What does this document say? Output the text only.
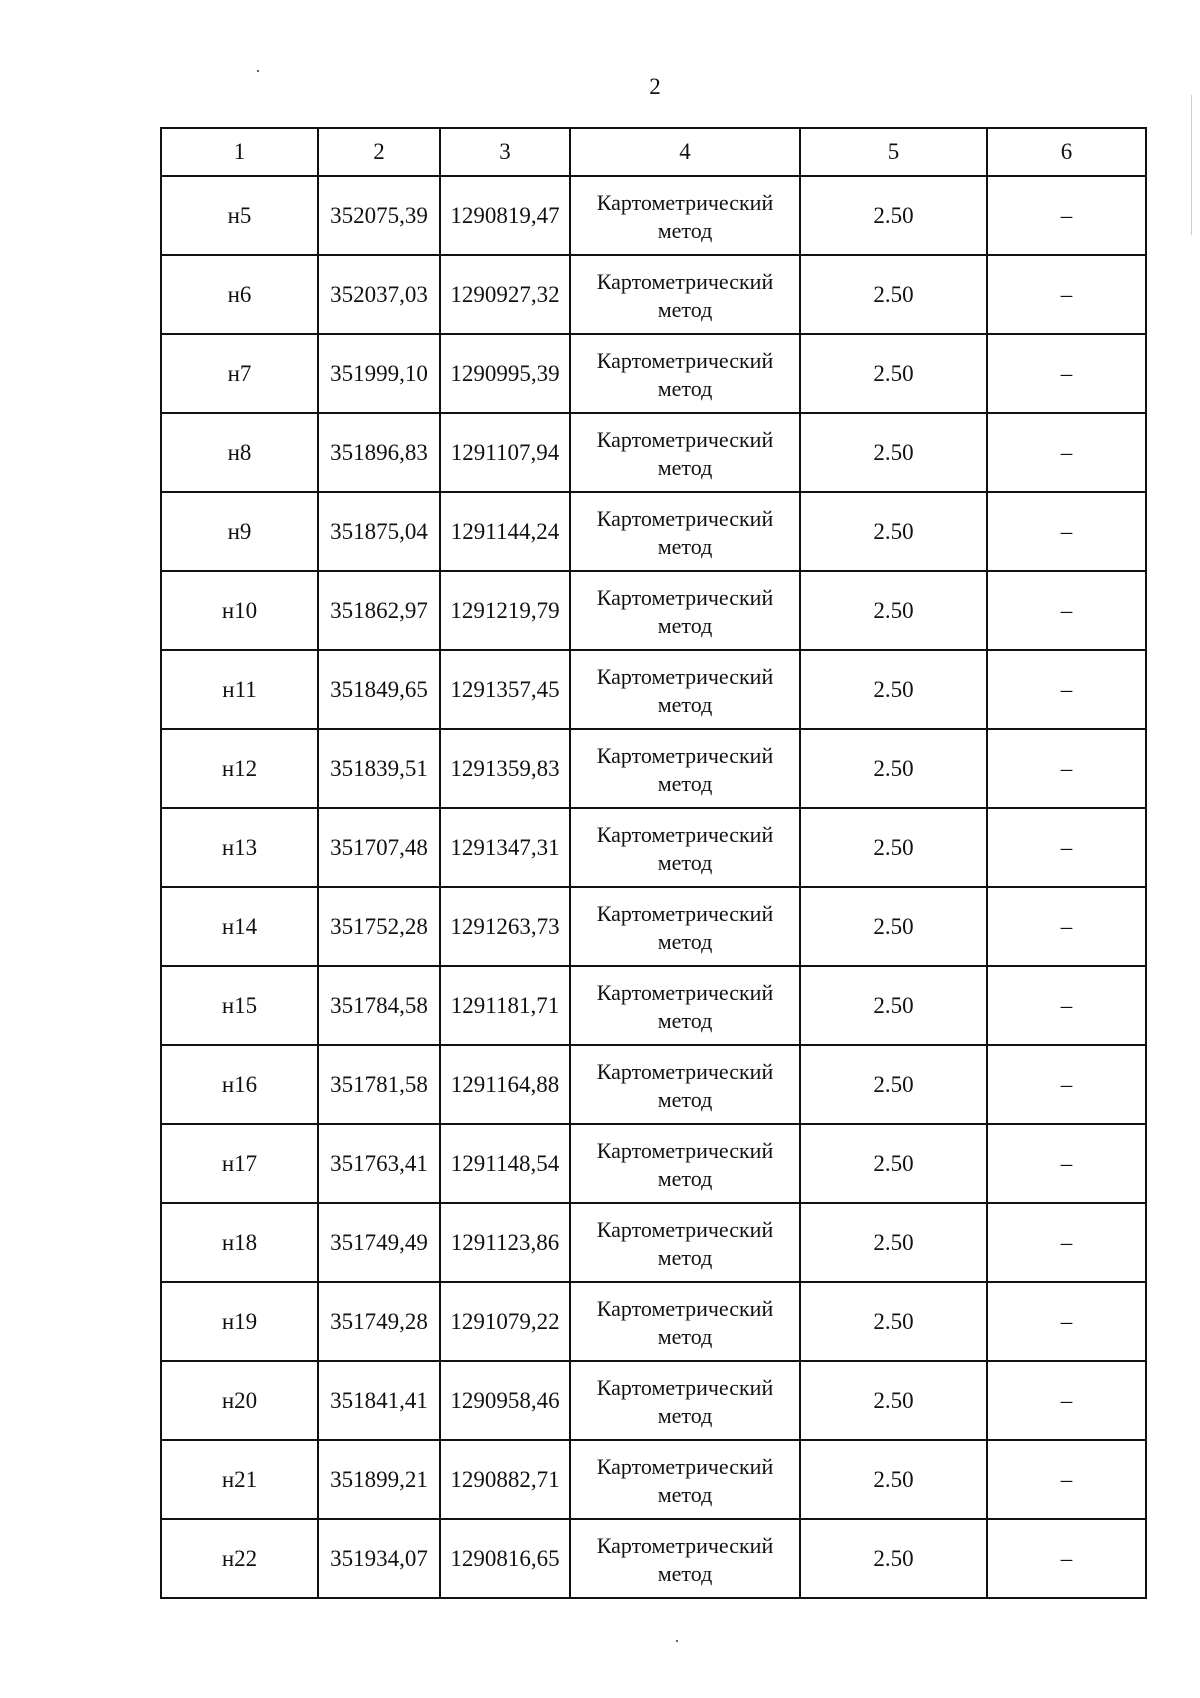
2
1	2	3	4	5	6
н5	352075,39	1290819,47	Картометрический
метод	2.50	–
н6	352037,03	1290927,32	Картометрический
метод	2.50	–
н7	351999,10	1290995,39	Картометрический
метод	2.50	–
н8	351896,83	1291107,94	Картометрический
метод	2.50	–
н9	351875,04	1291144,24	Картометрический
метод	2.50	–
н10	351862,97	1291219,79	Картометрический
метод	2.50	–
н11	351849,65	1291357,45	Картометрический
метод	2.50	–
н12	351839,51	1291359,83	Картометрический
метод	2.50	–
н13	351707,48	1291347,31	Картометрический
метод	2.50	–
н14	351752,28	1291263,73	Картометрический
метод	2.50	–
н15	351784,58	1291181,71	Картометрический
метод	2.50	–
н16	351781,58	1291164,88	Картометрический
метод	2.50	–
н17	351763,41	1291148,54	Картометрический
метод	2.50	–
н18	351749,49	1291123,86	Картометрический
метод	2.50	–
н19	351749,28	1291079,22	Картометрический
метод	2.50	–
н20	351841,41	1290958,46	Картометрический
метод	2.50	–
н21	351899,21	1290882,71	Картометрический
метод	2.50	–
н22	351934,07	1290816,65	Картометрический
метод	2.50	–
